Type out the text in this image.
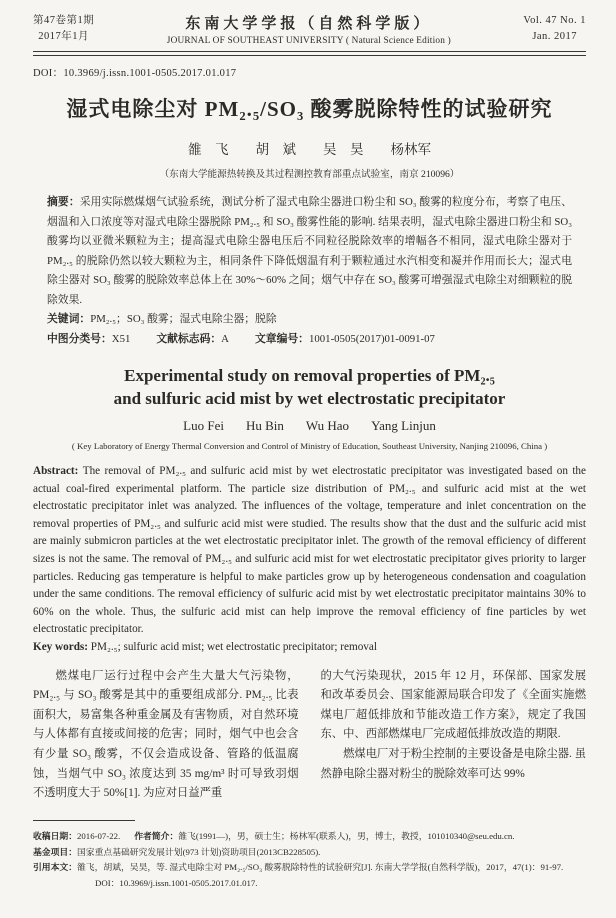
第47卷第1期
2017年1月
东南大学学报（自然科学版）
JOURNAL OF SOUTHEAST UNIVERSITY ( Natural Science Edition )
Vol. 47 No. 1
Jan. 2017
DOI：10.3969/j.issn.1001-0505.2017.01.017
湿式电除尘对 PM₂.₅/SO₃ 酸雾脱除特性的试验研究
雒　飞 胡　斌 吴　昊 杨林军
（东南大学能源热转换及其过程测控教育部重点试验室，南京 210096）

摘要：采用实际燃煤烟气试验系统，测试分析了湿式电除尘器进口粉尘和 SO₃ 酸雾的粒度分布，考察了电压、烟温和入口浓度等对湿式电除尘器脱除 PM₂.₅ 和 SO₃ 酸雾性能的影响. 结果表明，湿式电除尘器进口粉尘和 SO₃ 酸雾均以亚微米颗粒为主；提高湿式电除尘器电压后不同粒径脱除效率的增幅各不相同，湿式电除尘器对于 PM₂.₅ 的脱除仍然以较大颗粒为主，相同条件下降低烟温有利于颗粒通过水汽相变和凝并作用而长大；湿式电除尘器对 SO₃ 酸雾的脱除效率总体上在 30%～60% 之间；烟气中存在 SO₃ 酸雾可增强湿式电除尘对细颗粒的脱除效果.

关键词：PM₂.₅；SO₃ 酸雾；湿式电除尘器；脱除

中图分类号：X51 文献标志码：A 文章编号：1001-0505(2017)01-0091-07

Experimental study on removal properties of PM₂.₅
and sulfuric acid mist by wet electrostatic precipitator
Luo Fei Hu Bin Wu Hao Yang Linjun
( Key Laboratory of Energy Thermal Conversion and Control of Ministry of Education, Southeast University, Nanjing 210096, China )

Abstract: The removal of PM₂.₅ and sulfuric acid mist by wet electrostatic precipitator was investigated based on the actual coal-fired experimental platform. The particle size distribution of PM₂.₅ and sulfuric acid mist at the wet electrostatic precipitator inlet was analyzed. The influences of the voltage, temperature and inlet concentration on the removal properties of PM₂.₅ and sulfuric acid mist were studied. The results show that the dust and the sulfuric acid mist are mainly submicron particles at the wet electrostatic precipitator inlet. The growth of the removal efficiency of different sizes is not the same. The removal of PM₂.₅ and sulfuric acid mist for wet electrostatic precipitator gives priority to larger particles. Reducing gas temperature is helpful to make particles grow up by heterogeneous condensation and coagulation under the same conditions. The removal efficiency of sulfuric acid mist by wet electrostatic precipitator maintains 30% to 60% on the whole. Thus, the sulfuric acid mist can help improve the removal efficiency of fine particles by wet electrostatic precipitator.

Key words: PM₂.₅; sulfuric acid mist; wet electrostatic precipitator; removal

燃煤电厂运行过程中会产生大量大气污染物，PM₂.₅ 与 SO₃ 酸雾是其中的重要组成部分. PM₂.₅ 比表面积大，易富集各种重金属及有害物质，对自然环境与人体都有直接或间接的危害；同时，烟气中也会含有少量 SO₃ 酸雾，不仅会造成设备、管路的低温腐蚀，当烟气中 SO₃ 浓度达到 35 mg/m³ 时可导致羽烟不透明度大于 50%[1]. 为应对日益严重

的大气污染现状，2015 年 12 月，环保部、国家发展和改革委员会、国家能源局联合印发了《全面实施燃煤电厂超低排放和节能改造工作方案》，规定了我国东、中、西部燃煤电厂完成超低排放改造的期限.

燃煤电厂对于粉尘控制的主要设备是电除尘器. 虽然静电除尘器对粉尘的脱除效率可达 99%

收稿日期：2016-07-22. 作者简介：雒飞(1991—)，男，硕士生；杨林军(联系人)，男，博士，教授，101010340@seu.edu.cn.

基金项目：国家重点基础研究发展计划(973 计划)资助项目(2013CB228505).

引用本文：雒飞，胡斌，吴昊，等. 湿式电除尘对 PM₂.₅/SO₃ 酸雾脱除特性的试验研究[J]. 东南大学学报(自然科学版)，2017，47(1)：91-97. DOI：10.3969/j.issn.1001-0505.2017.01.017.
